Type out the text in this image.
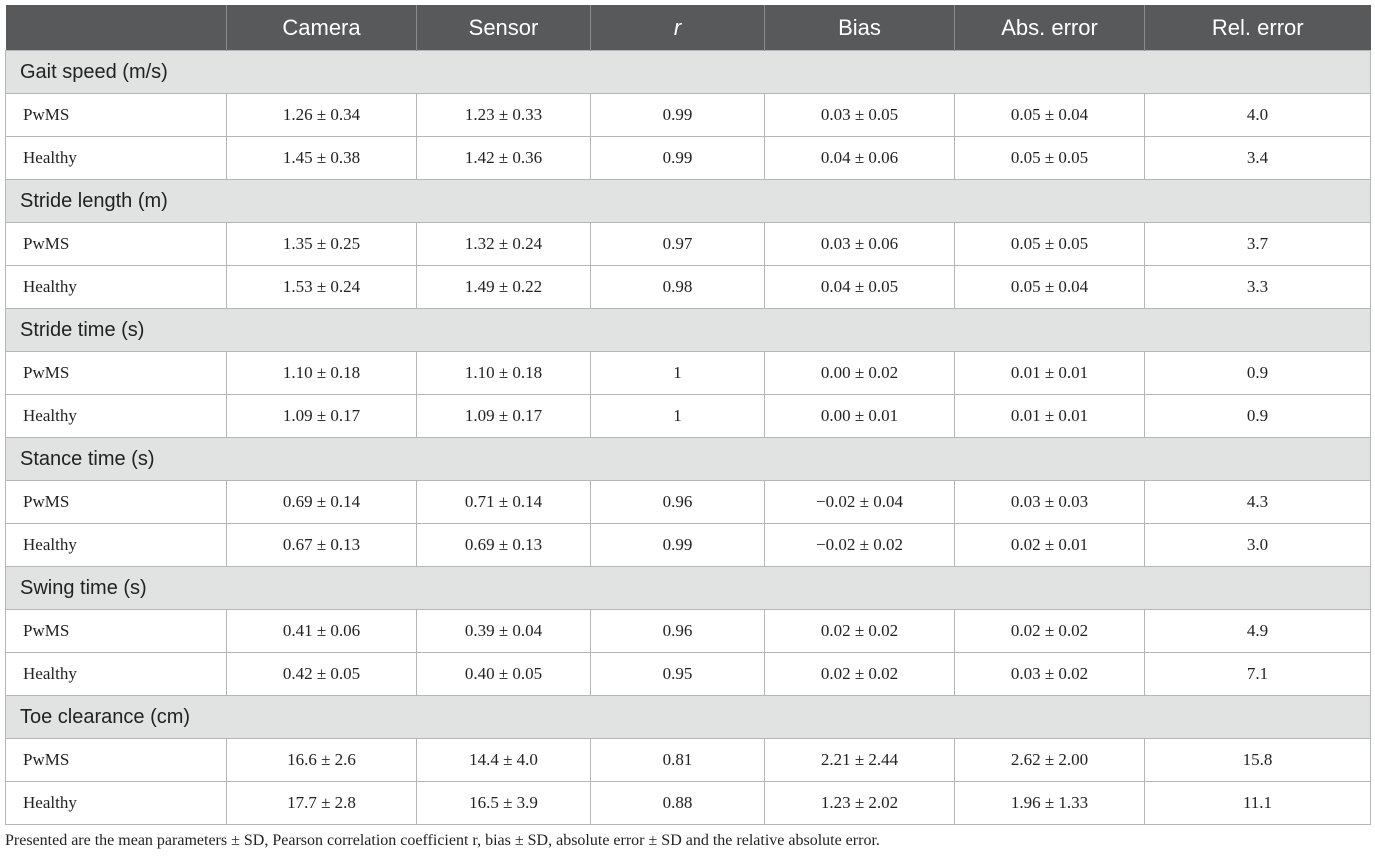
	Camera	Sensor	r	Bias	Abs. error	Rel. error
Gait speed (m/s)						
PwMS	1.26 ± 0.34	1.23 ± 0.33	0.99	0.03 ± 0.05	0.05 ± 0.04	4.0
Healthy	1.45 ± 0.38	1.42 ± 0.36	0.99	0.04 ± 0.06	0.05 ± 0.05	3.4
Stride length (m)						
PwMS	1.35 ± 0.25	1.32 ± 0.24	0.97	0.03 ± 0.06	0.05 ± 0.05	3.7
Healthy	1.53 ± 0.24	1.49 ± 0.22	0.98	0.04 ± 0.05	0.05 ± 0.04	3.3
Stride time (s)						
PwMS	1.10 ± 0.18	1.10 ± 0.18	1	0.00 ± 0.02	0.01 ± 0.01	0.9
Healthy	1.09 ± 0.17	1.09 ± 0.17	1	0.00 ± 0.01	0.01 ± 0.01	0.9
Stance time (s)						
PwMS	0.69 ± 0.14	0.71 ± 0.14	0.96	−0.02 ± 0.04	0.03 ± 0.03	4.3
Healthy	0.67 ± 0.13	0.69 ± 0.13	0.99	−0.02 ± 0.02	0.02 ± 0.01	3.0
Swing time (s)						
PwMS	0.41 ± 0.06	0.39 ± 0.04	0.96	0.02 ± 0.02	0.02 ± 0.02	4.9
Healthy	0.42 ± 0.05	0.40 ± 0.05	0.95	0.02 ± 0.02	0.03 ± 0.02	7.1
Toe clearance (cm)						
PwMS	16.6 ± 2.6	14.4 ± 4.0	0.81	2.21 ± 2.44	2.62 ± 2.00	15.8
Healthy	17.7 ± 2.8	16.5 ± 3.9	0.88	1.23 ± 2.02	1.96 ± 1.33	11.1
Presented are the mean parameters ± SD, Pearson correlation coefficient r, bias ± SD, absolute error ± SD and the relative absolute error.
